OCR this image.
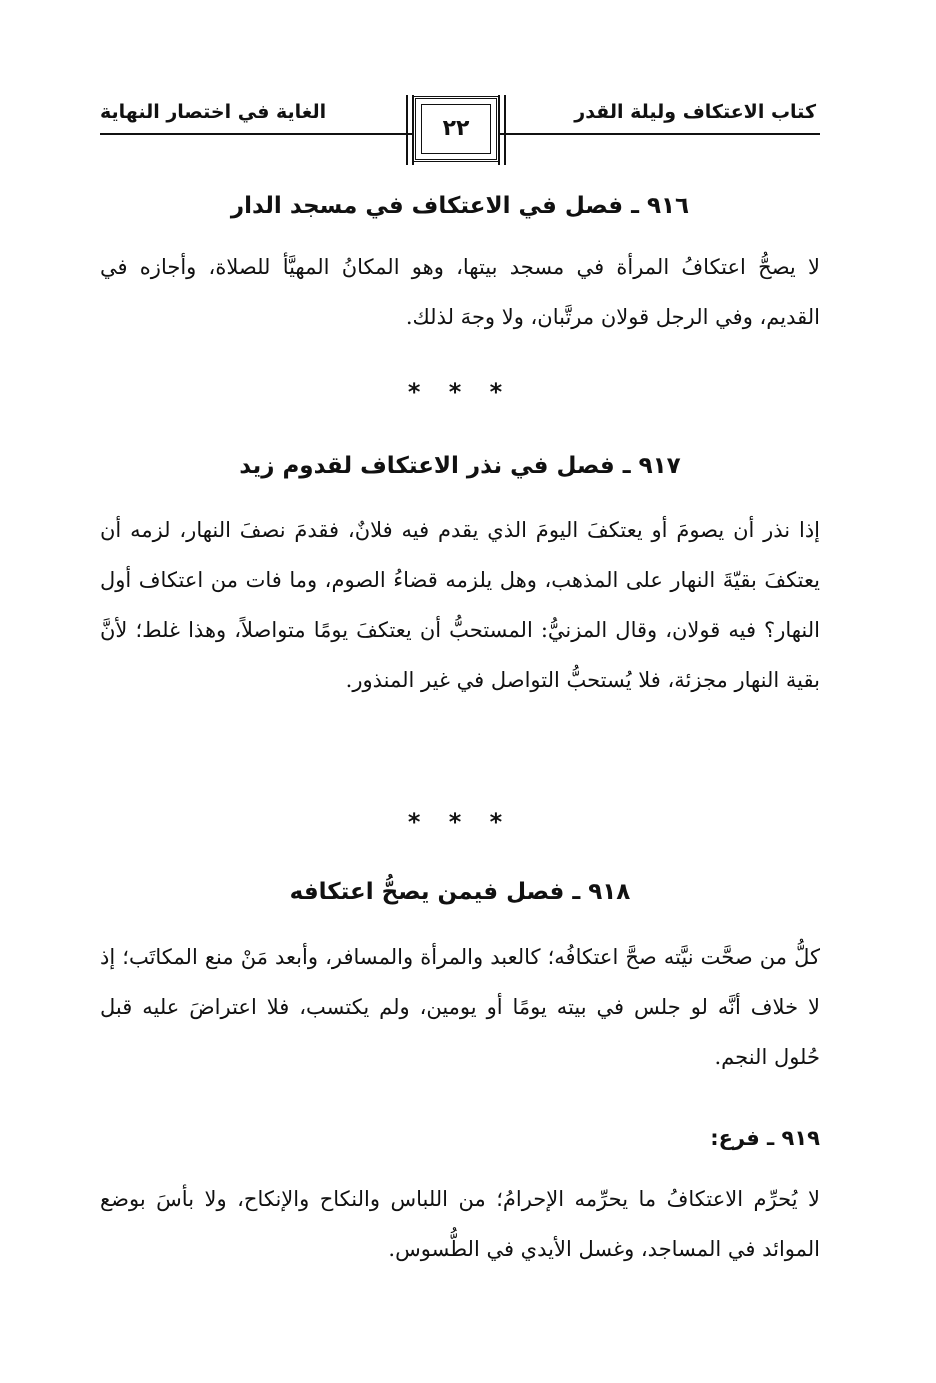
كتاب الاعتكاف وليلة القدر
الغاية في اختصار النهاية
٢٢
٩١٦ ـ فصل في الاعتكاف في مسجد الدار
لا يصحُّ اعتكافُ المرأة في مسجد بيتها، وهو المكانُ المهيَّأ للصلاة، وأجازه في القديم، وفي الرجل قولان مرتَّبان، ولا وجهَ لذلك.
* * *
٩١٧ ـ فصل في نذر الاعتكاف لقدوم زيد
إذا نذر أن يصومَ أو يعتكفَ اليومَ الذي يقدم فيه فلانٌ، فقدمَ نصفَ النهار، لزمه أن يعتكفَ بقيّةَ النهار على المذهب، وهل يلزمه قضاءُ الصوم، وما فات من اعتكاف أول النهار؟ فيه قولان، وقال المزنيُّ: المستحبُّ أن يعتكفَ يومًا متواصلاً، وهذا غلط؛ لأنَّ بقية النهار مجزئة، فلا يُستحبُّ التواصل في غير المنذور.
* * *
٩١٨ ـ فصل فيمن يصحُّ اعتكافه
كلُّ من صحَّت نيَّته صحَّ اعتكافُه؛ كالعبد والمرأة والمسافر، وأبعد مَنْ منع المكاتَب؛ إذ لا خلاف أنَّه لو جلس في بيته يومًا أو يومين، ولم يكتسب، فلا اعتراضَ عليه قبل حُلول النجم.
٩١٩ ـ فرع:
لا يُحرِّم الاعتكافُ ما يحرِّمه الإحرامُ؛ من اللباس والنكاح والإنكاح، ولا بأسَ بوضع الموائد في المساجد، وغسل الأيدي في الطُّسوس.
